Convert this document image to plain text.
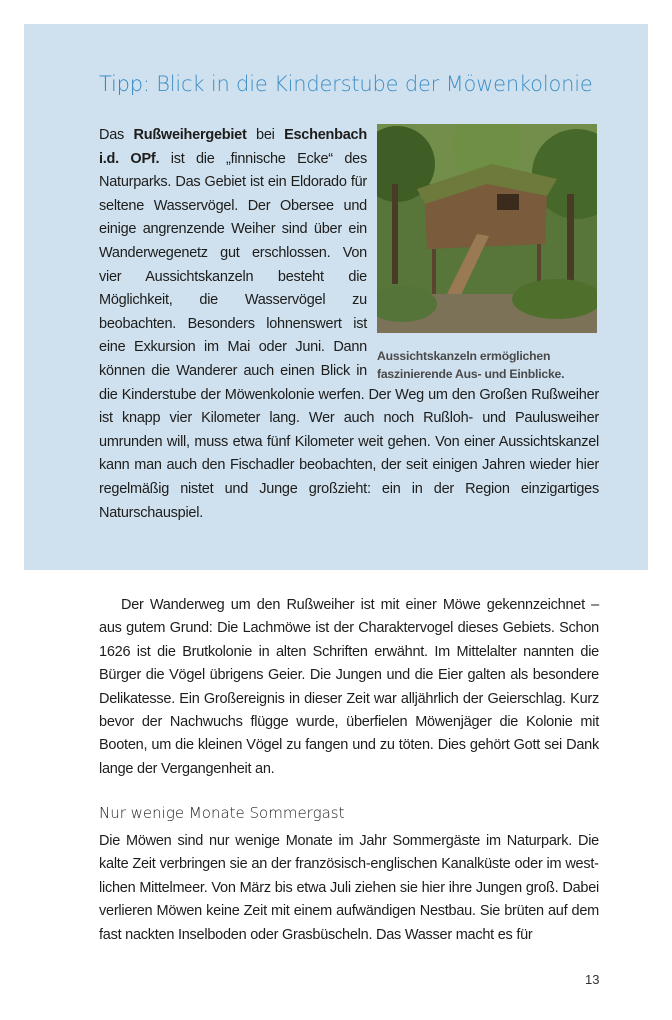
Tipp: Blick in die Kinderstube der Möwenkolonie

Aussichtskanzeln ermöglichen faszinierende Aus- und Einblicke.
Das Rußweihergebiet bei Eschenbach i.d. OPf. ist die „finnische Ecke“ des Naturparks. Das Gebiet ist ein Eldorado für seltene Wasservögel. Der Obersee und einige angrenzende Weiher sind über ein Wanderwegenetz gut erschlossen. Von vier Aussichtskanzeln besteht die Möglichkeit, die Wasservögel zu beobachten. Besonders lohnenswert ist eine Exkursion im Mai oder Juni. Dann können die Wanderer auch einen Blick in die Kinderstube der Möwenkolonie werfen. Der Weg um den Großen Rußweiher ist knapp vier Kilometer lang. Wer auch noch Rußloh- und Paulusweiher umrunden will, muss etwa fünf Kilometer weit gehen. Von einer Aussichtskanzel kann man auch den Fischadler beobachten, der seit einigen Jahren wieder hier regelmäßig nistet und Junge großzieht: ein in der Region einzigartiges Naturschauspiel.

Der Wanderweg um den Rußweiher ist mit einer Möwe gekennzeichnet – aus gutem Grund: Die Lachmöwe ist der Charaktervogel dieses Gebiets. Schon 1626 ist die Brutkolonie in alten Schriften erwähnt. Im Mittelalter nannten die Bürger die Vögel übrigens Geier. Die Jungen und die Eier galten als besondere Delikatesse. Ein Großereignis in dieser Zeit war alljährlich der Geierschlag. Kurz bevor der Nachwuchs flügge wurde, überfielen Möwenjäger die Kolonie mit Booten, um die kleinen Vögel zu fangen und zu töten. Dies gehört Gott sei Dank lange der Vergangenheit an.

Nur wenige Monate Sommergast

Die Möwen sind nur wenige Monate im Jahr Sommergäste im Naturpark. Die kalte Zeit verbringen sie an der französisch-englischen Kanalküste oder im westlichen Mittelmeer. Von März bis etwa Juli ziehen sie hier ihre Jungen groß. Dabei verlieren Möwen keine Zeit mit einem aufwändigen Nestbau. Sie brüten auf dem fast nackten Inselboden oder Grasbüscheln. Das Wasser macht es für

13
